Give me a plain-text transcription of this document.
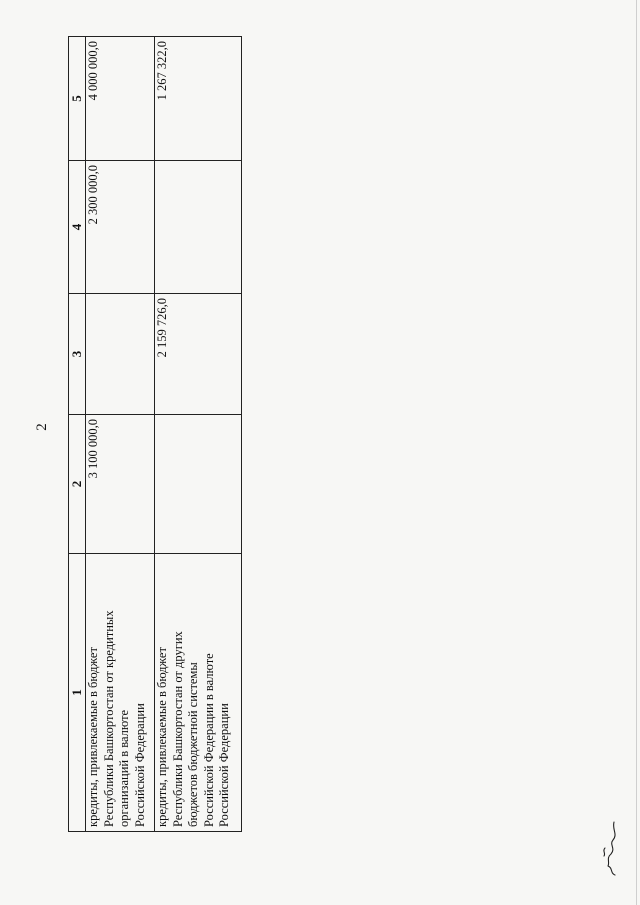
2
1	2	3	4	5

кредиты, привлекаемые в бюджет Республики Башкортостан от кредитных организаций в валюте Российской Федерации	3 100 000,0		2 300 000,0	4 000 000,0

кредиты, привлекаемые в бюджет Республики Башкортостан от других бюджетов бюджетной системы Российской Федерации в валюте Российской Федерации		2 159 726,0		1 267 322,0
